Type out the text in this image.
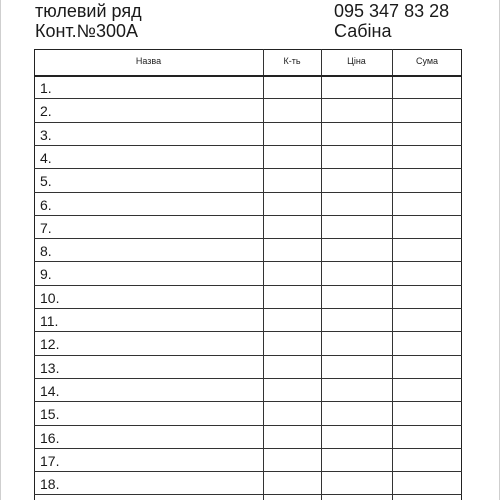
тюлевий ряд
Конт.№300А
095 347 83 28
Сабіна
Назва	К-ть	Ціна	Сума
1.
2.
3.
4.
5.
6.
7.
8.
9.
10.
11.
12.
13.
14.
15.
16.
17.
18.
